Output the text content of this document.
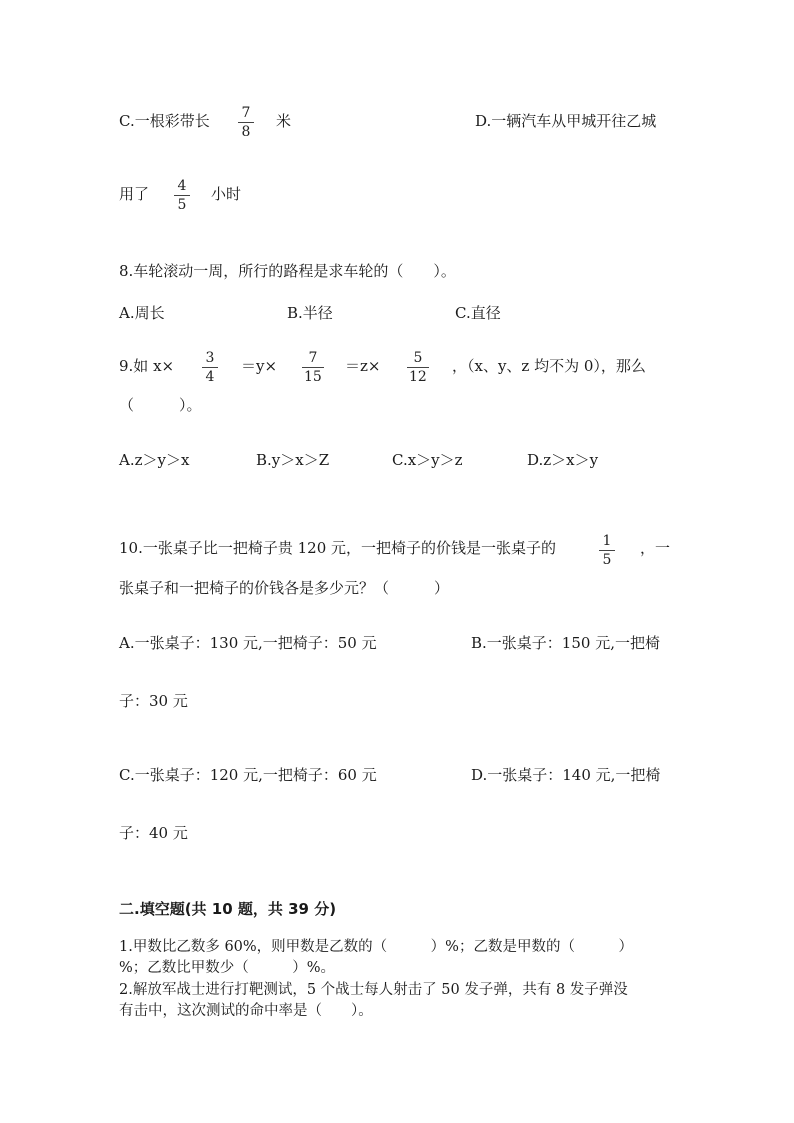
C.一根彩带长 7
8
米	D.一辆汽车从甲城开往乙城
用了 4
5
小时
8.车轮滚动一周，所行的路程是求车轮的（　　）。
A.周长	B.半径	C.直径
9.如 x× 3
4
＝y× 7
15
＝z× 5
12
，（x、y、z 均不为 0），那么
（　　　）。
A.z＞y＞x	B.y＞x＞Z	C.x＞y＞z	D.z＞x＞y
10.一张桌子比一把椅子贵 120 元，一把椅子的价钱是一张桌子的	1
5
，一
张桌子和一把椅子的价钱各是多少元？（　　　）
A.一张桌子：130 元,一把椅子：50 元	B.一张桌子：150 元,一把椅
子：30 元
C.一张桌子：120 元,一把椅子：60 元	D.一张桌子：140 元,一把椅
子：40 元
二.填空题(共 10 题，共 39 分)
1.甲数比乙数多 60%，则甲数是乙数的（　　　）%；乙数是甲数的（　　　）
%；乙数比甲数少（　　　）%。
2.解放军战士进行打靶测试，5 个战士每人射击了 50 发子弹，共有 8 发子弹没
有击中，这次测试的命中率是（　　）。
